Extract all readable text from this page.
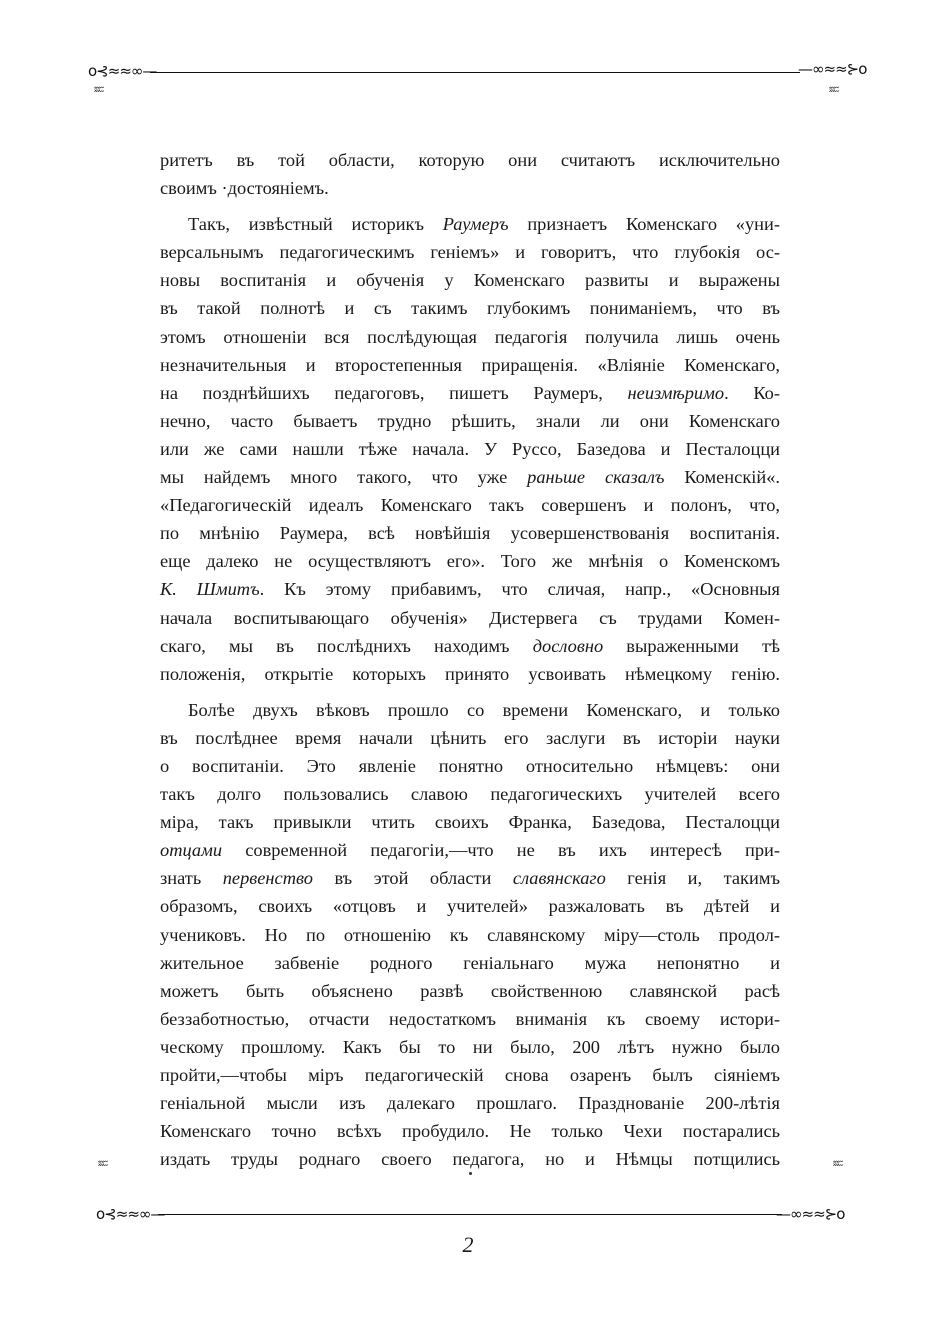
o⊰≈≈∞—	—∞≈≈⊱o
o⊰≈≈∞—	—∞≈≈⊱o
⦚⦂⦚	⦚⦂⦚
⦚⦂⦚	⦚⦂⦚

ритетъ въ той области, которую они считаютъ исключительно
своимъ ·достояніемъ.

Такъ, извѣстный историкъ Раумеръ признаетъ Коменскаго «уни-
версальнымъ педагогическимъ геніемъ» и говоритъ, что глубокія ос-
новы воспитанія и обученія у Коменскаго развиты и выражены
въ такой полнотѣ и съ такимъ глубокимъ пониманіемъ, что въ
этомъ отношеніи вся послѣдующая педагогія получила лишь очень
незначительныя и второстепенныя приращенія. «Вліяніе Коменскаго,
на позднѣйшихъ педагоговъ, пишетъ Раумеръ, неизмѣримо. Ко-
нечно, часто бываетъ трудно рѣшить, знали ли они Коменскаго
или же сами нашли тѣже начала. У Руссо, Базедова и Песталоцци
мы найдемъ много такого, что уже раньше сказалъ Коменскій«.
«Педагогическій идеалъ Коменскаго такъ совершенъ и полонъ, что,
по мнѣнію Раумера, всѣ новѣйшія усовершенствованія воспитанія.
еще далеко не осуществляютъ его». Того же мнѣнія о Коменскомъ
К. Шмитъ. Къ этому прибавимъ, что сличая, напр., «Основныя
начала воспитывающаго обученія» Дистервега съ трудами Комен-
скаго, мы въ послѣднихъ находимъ дословно выраженными тѣ
положенія, открытіе которыхъ принято усвоивать нѣмецкому генію.

Болѣе двухъ вѣковъ прошло со времени Коменскаго, и только
въ послѣднее время начали цѣнить его заслуги въ исторіи науки
о воспитаніи. Это явленіе понятно относительно нѣмцевъ: они
такъ долго пользовались славою педагогическихъ учителей всего
міра, такъ привыкли чтить своихъ Франка, Базедова, Песталоцци
отцами современной педагогіи,—что не въ ихъ интересѣ при-
знать первенство въ этой области славянскаго генія и, такимъ
образомъ, своихъ «отцовъ и учителей» разжаловать въ дѣтей и
учениковъ. Но по отношенію къ славянскому міру—столь продол-
жительное забвеніе родного геніальнаго мужа непонятно и
можетъ быть объяснено развѣ свойственною славянской расѣ
беззаботностью, отчасти недостаткомъ вниманія къ своему истори-
ческому прошлому. Какъ бы то ни было, 200 лѣтъ нужно было
пройти,—чтобы міръ педагогическій снова озаренъ былъ сіяніемъ
геніальной мысли изъ далекаго прошлаго. Празднованіе 200-лѣтія
Коменскаго точно всѣхъ пробудило. Не только Чехи постарались
издать труды роднаго своего педагога, но и Нѣмцы потщились

2
